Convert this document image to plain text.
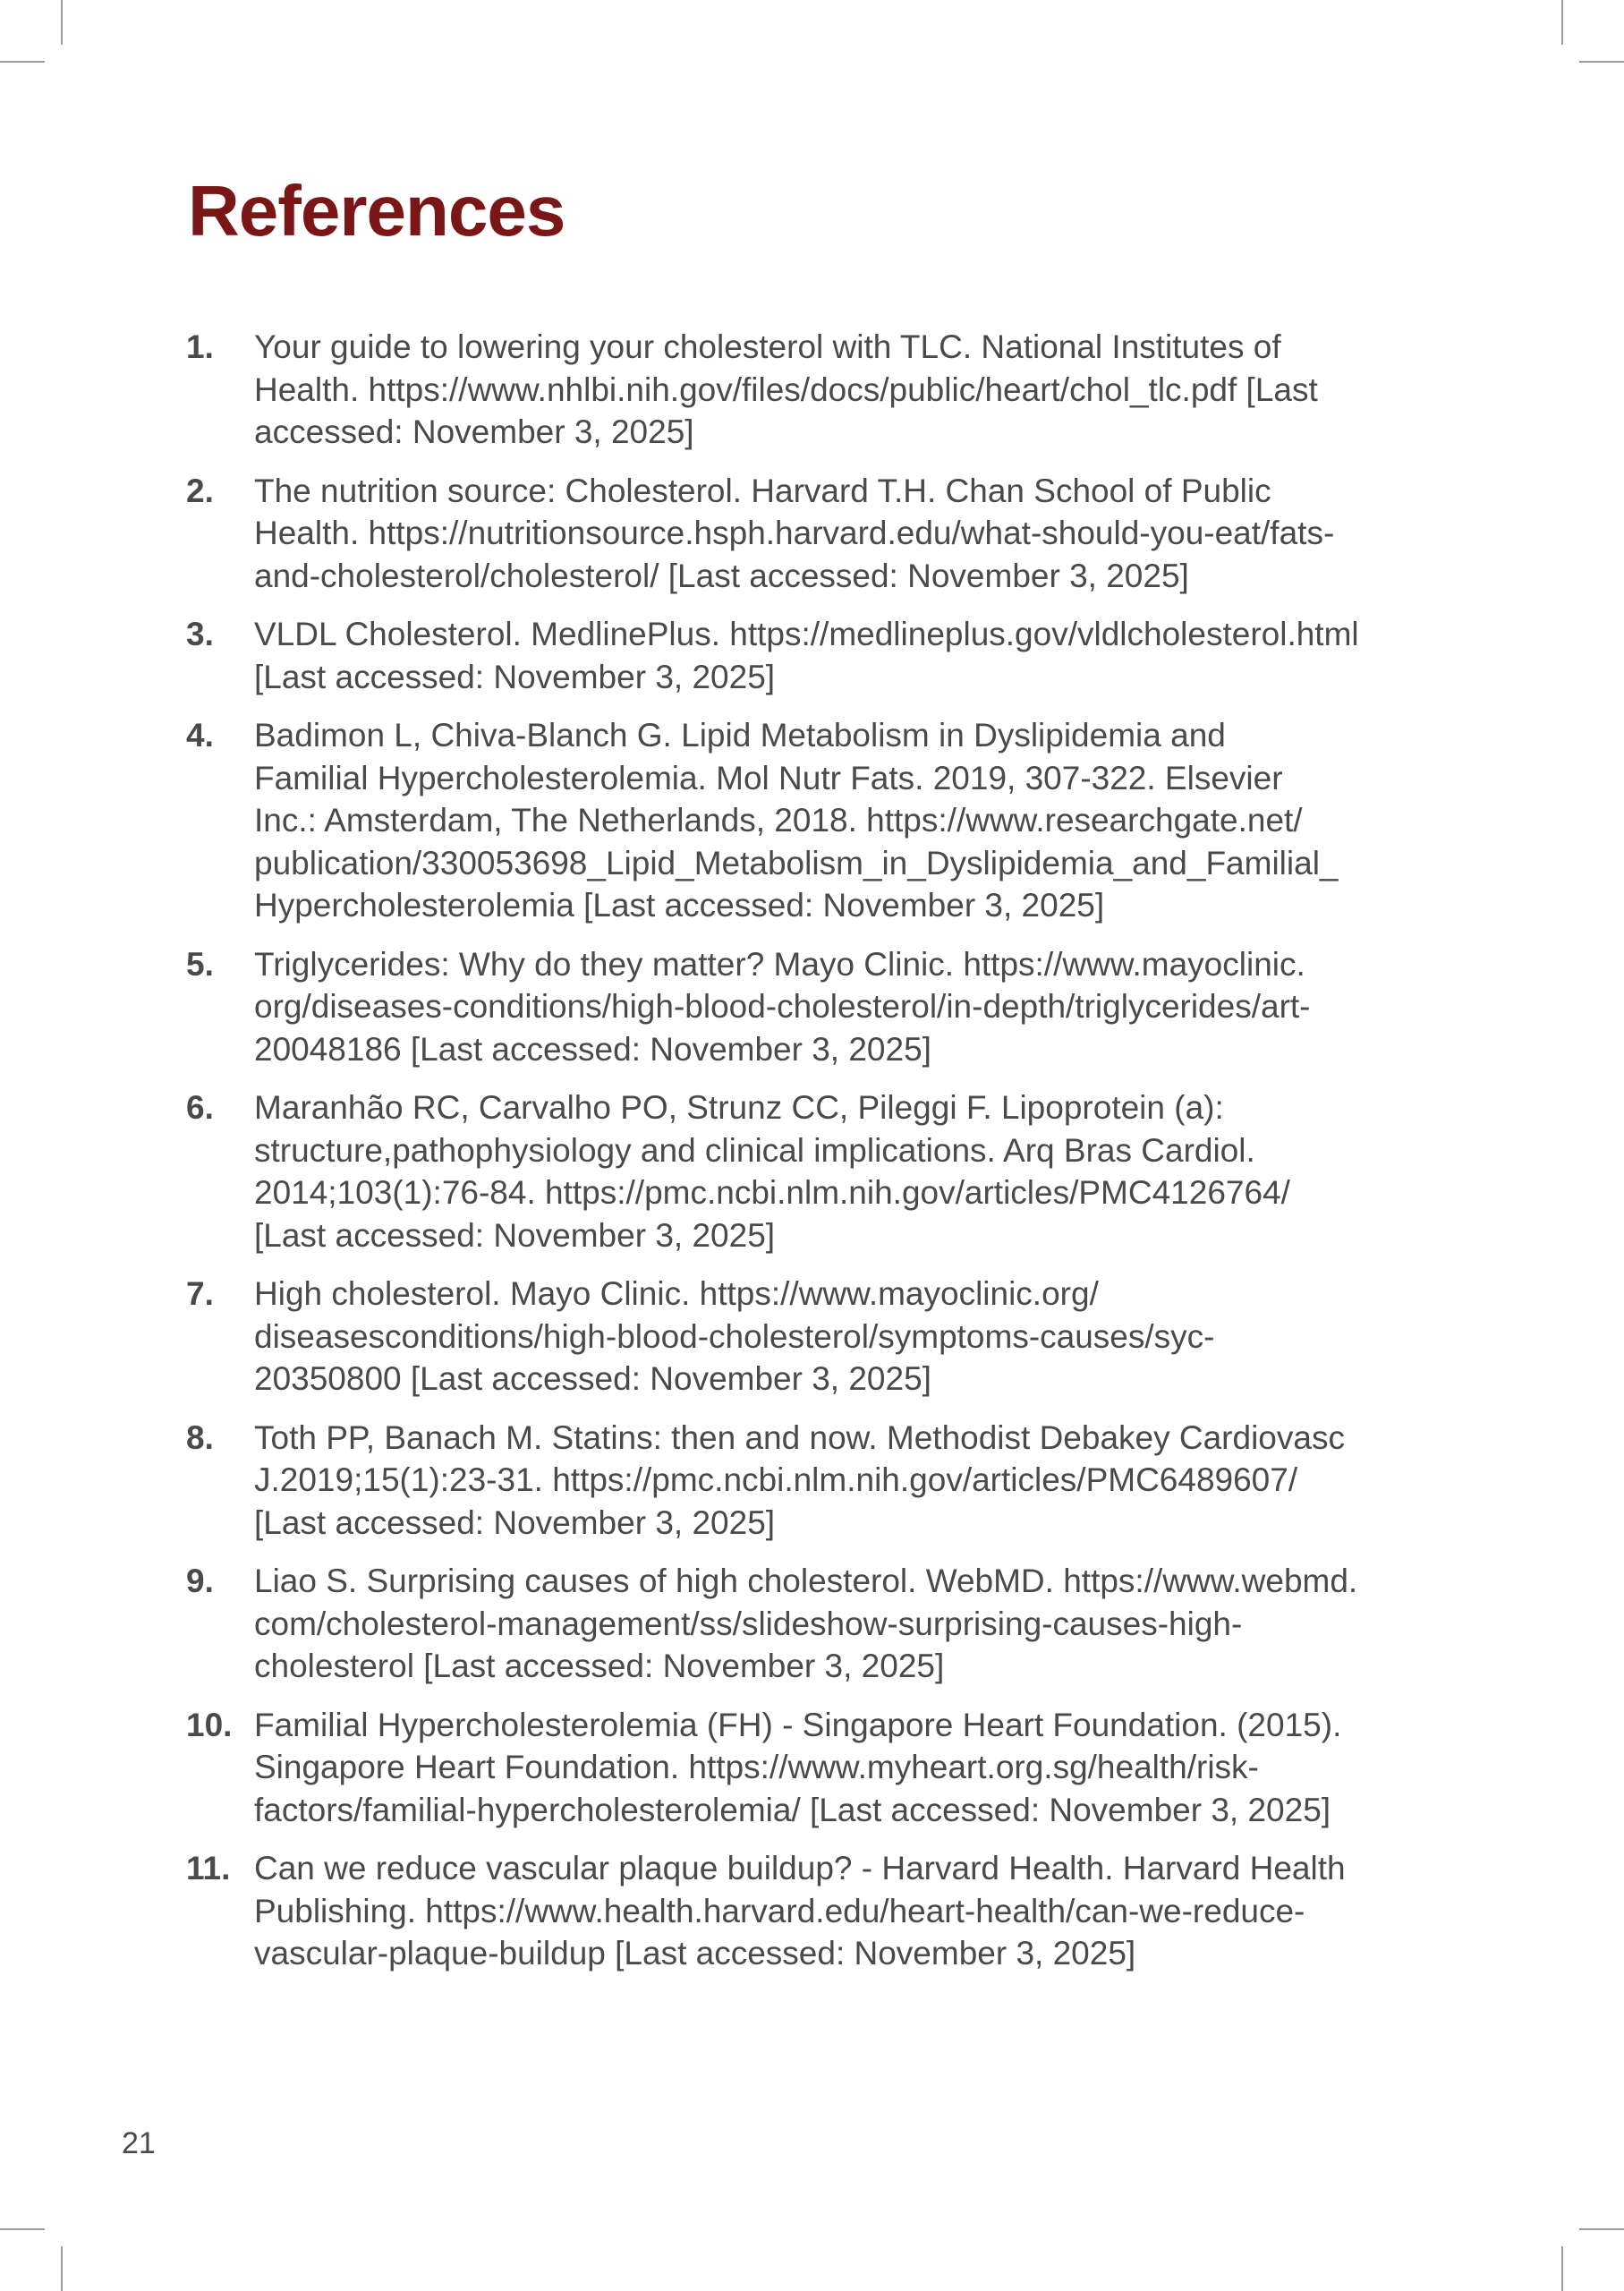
References
1. Your guide to lowering your cholesterol with TLC. National Institutes of
Health. https://www.nhlbi.nih.gov/files/docs/public/heart/chol_tlc.pdf [Last
accessed: November 3, 2025]
2. The nutrition source: Cholesterol. Harvard T.H. Chan School of Public
Health. https://nutritionsource.hsph.harvard.edu/what-should-you-eat/fats-
and-cholesterol/cholesterol/ [Last accessed: November 3, 2025]
3. VLDL Cholesterol. MedlinePlus. https://medlineplus.gov/vldlcholesterol.html
[Last accessed: November 3, 2025]
4. Badimon L, Chiva-Blanch G. Lipid Metabolism in Dyslipidemia and
Familial Hypercholesterolemia. Mol Nutr Fats. 2019, 307-322. Elsevier
Inc.: Amsterdam, The Netherlands, 2018. https://www.researchgate.net/
publication/330053698_Lipid_Metabolism_in_Dyslipidemia_and_Familial_
Hypercholesterolemia [Last accessed: November 3, 2025]
5. Triglycerides: Why do they matter? Mayo Clinic. https://www.mayoclinic.
org/diseases-conditions/high-blood-cholesterol/in-depth/triglycerides/art-
20048186 [Last accessed: November 3, 2025]
6. Maranhão RC, Carvalho PO, Strunz CC, Pileggi F. Lipoprotein (a):
structure,pathophysiology and clinical implications. Arq Bras Cardiol.
2014;103(1):76-84. https://pmc.ncbi.nlm.nih.gov/articles/PMC4126764/
[Last accessed: November 3, 2025]
7. High cholesterol. Mayo Clinic. https://www.mayoclinic.org/
diseasesconditions/high-blood-cholesterol/symptoms-causes/syc-
20350800 [Last accessed: November 3, 2025]
8. Toth PP, Banach M. Statins: then and now. Methodist Debakey Cardiovasc
J.2019;15(1):23-31. https://pmc.ncbi.nlm.nih.gov/articles/PMC6489607/
[Last accessed: November 3, 2025]
9. Liao S. Surprising causes of high cholesterol. WebMD. https://www.webmd.
com/cholesterol-management/ss/slideshow-surprising-causes-high-
cholesterol [Last accessed: November 3, 2025]
10. Familial Hypercholesterolemia (FH) - Singapore Heart Foundation. (2015).
Singapore Heart Foundation. https://www.myheart.org.sg/health/risk-
factors/familial-hypercholesterolemia/ [Last accessed: November 3, 2025]
11. Can we reduce vascular plaque buildup? - Harvard Health. Harvard Health
Publishing. https://www.health.harvard.edu/heart-health/can-we-reduce-
vascular-plaque-buildup [Last accessed: November 3, 2025]
21
